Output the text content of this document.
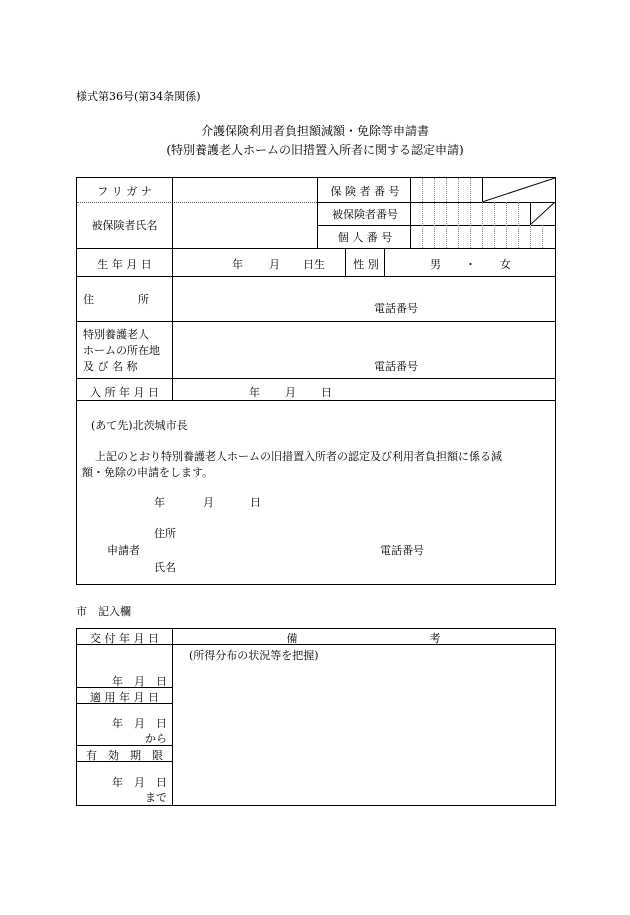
様式第36号(第34条関係)
介護保険利用者負担額減額・免除等申請書
(特別養護老人ホームの旧措置入所者に関する認定申請)
フ リ ガ ナ
被保険者氏名
保 険 者 番 号
被保険者番号
個 人 番 号
生 年 月 日	年 月 日生	性 別	男 ・ 女
住　　　　所
電話番号
特別養護老人
ホームの所在地
及 び 名 称	電話番号
入 所 年 月 日	年 月 日
(あて先)北茨城市長
上記のとおり特別養護老人ホームの旧措置入所者の認定及び利用者負担額に係る減
額・免除の申請をします。
年	月	日
住所
申請者	電話番号
氏名
市　記入欄
交 付 年 月 日	備　　　　　　　　　　　　考
(所得分布の状況等を把握)
年　月　日
適 用 年 月 日
年　月　日
から
有　効　期　限
年　月　日
まで
